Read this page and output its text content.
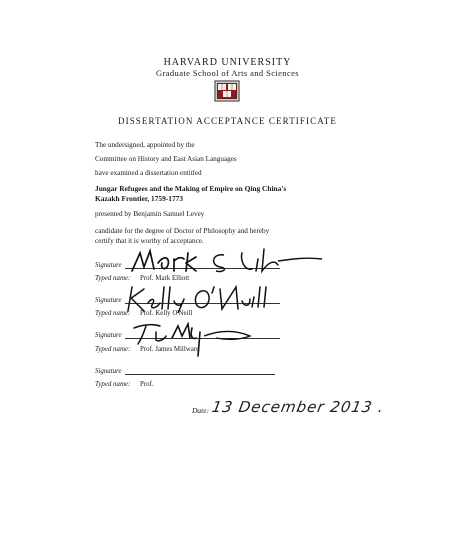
HARVARD UNIVERSITY
Graduate School of Arts and Sciences
DISSERTATION ACCEPTANCE CERTIFICATE
The undersigned, appointed by the
Committee on History and East Asian Languages
have examined a dissertation entitled
Jungar Refugees and the Making of Empire on Qing China's
Kazakh Frontier, 1759-1773
presented by Benjamin Samuel Levey
candidate for the degree of Doctor of Philosophy and hereby
certify that it is worthy of acceptance.
Signature
Typed name: Prof. Mark Elliott
Signature
Typed name: Prof. Kelly O'Neill
Signature
Typed name: Prof. James Millward
Signature
Typed name: Prof.
Date: 13 December 2013 .
